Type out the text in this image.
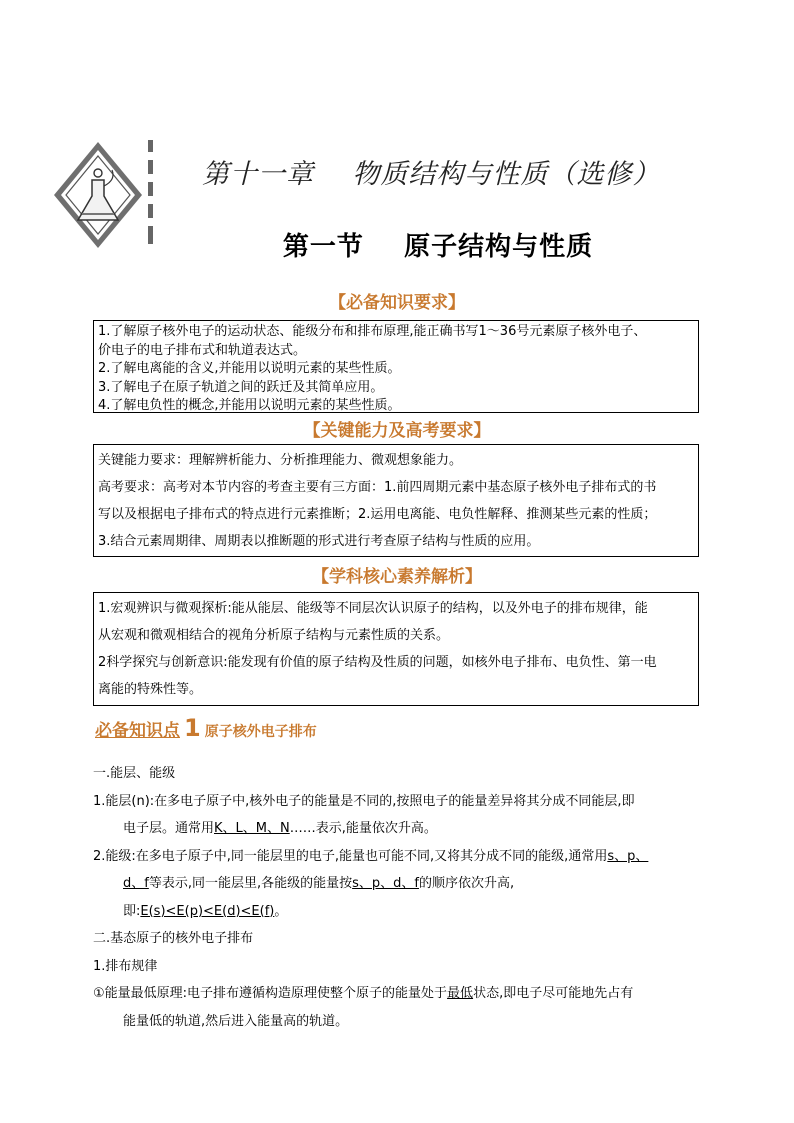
第十一章    物质结构与性质（选修）
第一节    原子结构与性质
【必备知识要求】

1.了解原子核外电子的运动状态、能级分布和排布原理,能正确书写1～36号元素原子核外电子、

价电子的电子排布式和轨道表达式。

2.了解电离能的含义,并能用以说明元素的某些性质。

3.了解电子在原子轨道之间的跃迁及其简单应用。

4.了解电负性的概念,并能用以说明元素的某些性质。

【关键能力及高考要求】

关键能力要求：理解辨析能力、分析推理能力、微观想象能力。

高考要求：高考对本节内容的考查主要有三方面：1.前四周期元素中基态原子核外电子排布式的书

写以及根据电子排布式的特点进行元素推断；2.运用电离能、电负性解释、推测某些元素的性质；

3.结合元素周期律、周期表以推断题的形式进行考查原子结构与性质的应用。

【学科核心素养解析】

1.宏观辨识与微观探析:能从能层、能级等不同层次认识原子的结构，以及外电子的排布规律，能

从宏观和微观相结合的视角分析原子结构与元素性质的关系。

2科学探究与创新意识:能发现有价值的原子结构及性质的问题，如核外电子排布、电负性、第一电

离能的特殊性等。

必备知识点 1 原子核外电子排布

一.能层、能级

1.能层(n):在多电子原子中,核外电子的能量是不同的,按照电子的能量差异将其分成不同能层,即

电子层。通常用K、L、M、N……表示,能量依次升高。

2.能级:在多电子原子中,同一能层里的电子,能量也可能不同,又将其分成不同的能级,通常用s、p、

d、f等表示,同一能层里,各能级的能量按s、p、d、f的顺序依次升高,

即:E(s)<E(p)<E(d)<E(f)。

二.基态原子的核外电子排布

1.排布规律

①能量最低原理:电子排布遵循构造原理使整个原子的能量处于最低状态,即电子尽可能地先占有

能量低的轨道,然后进入能量高的轨道。
